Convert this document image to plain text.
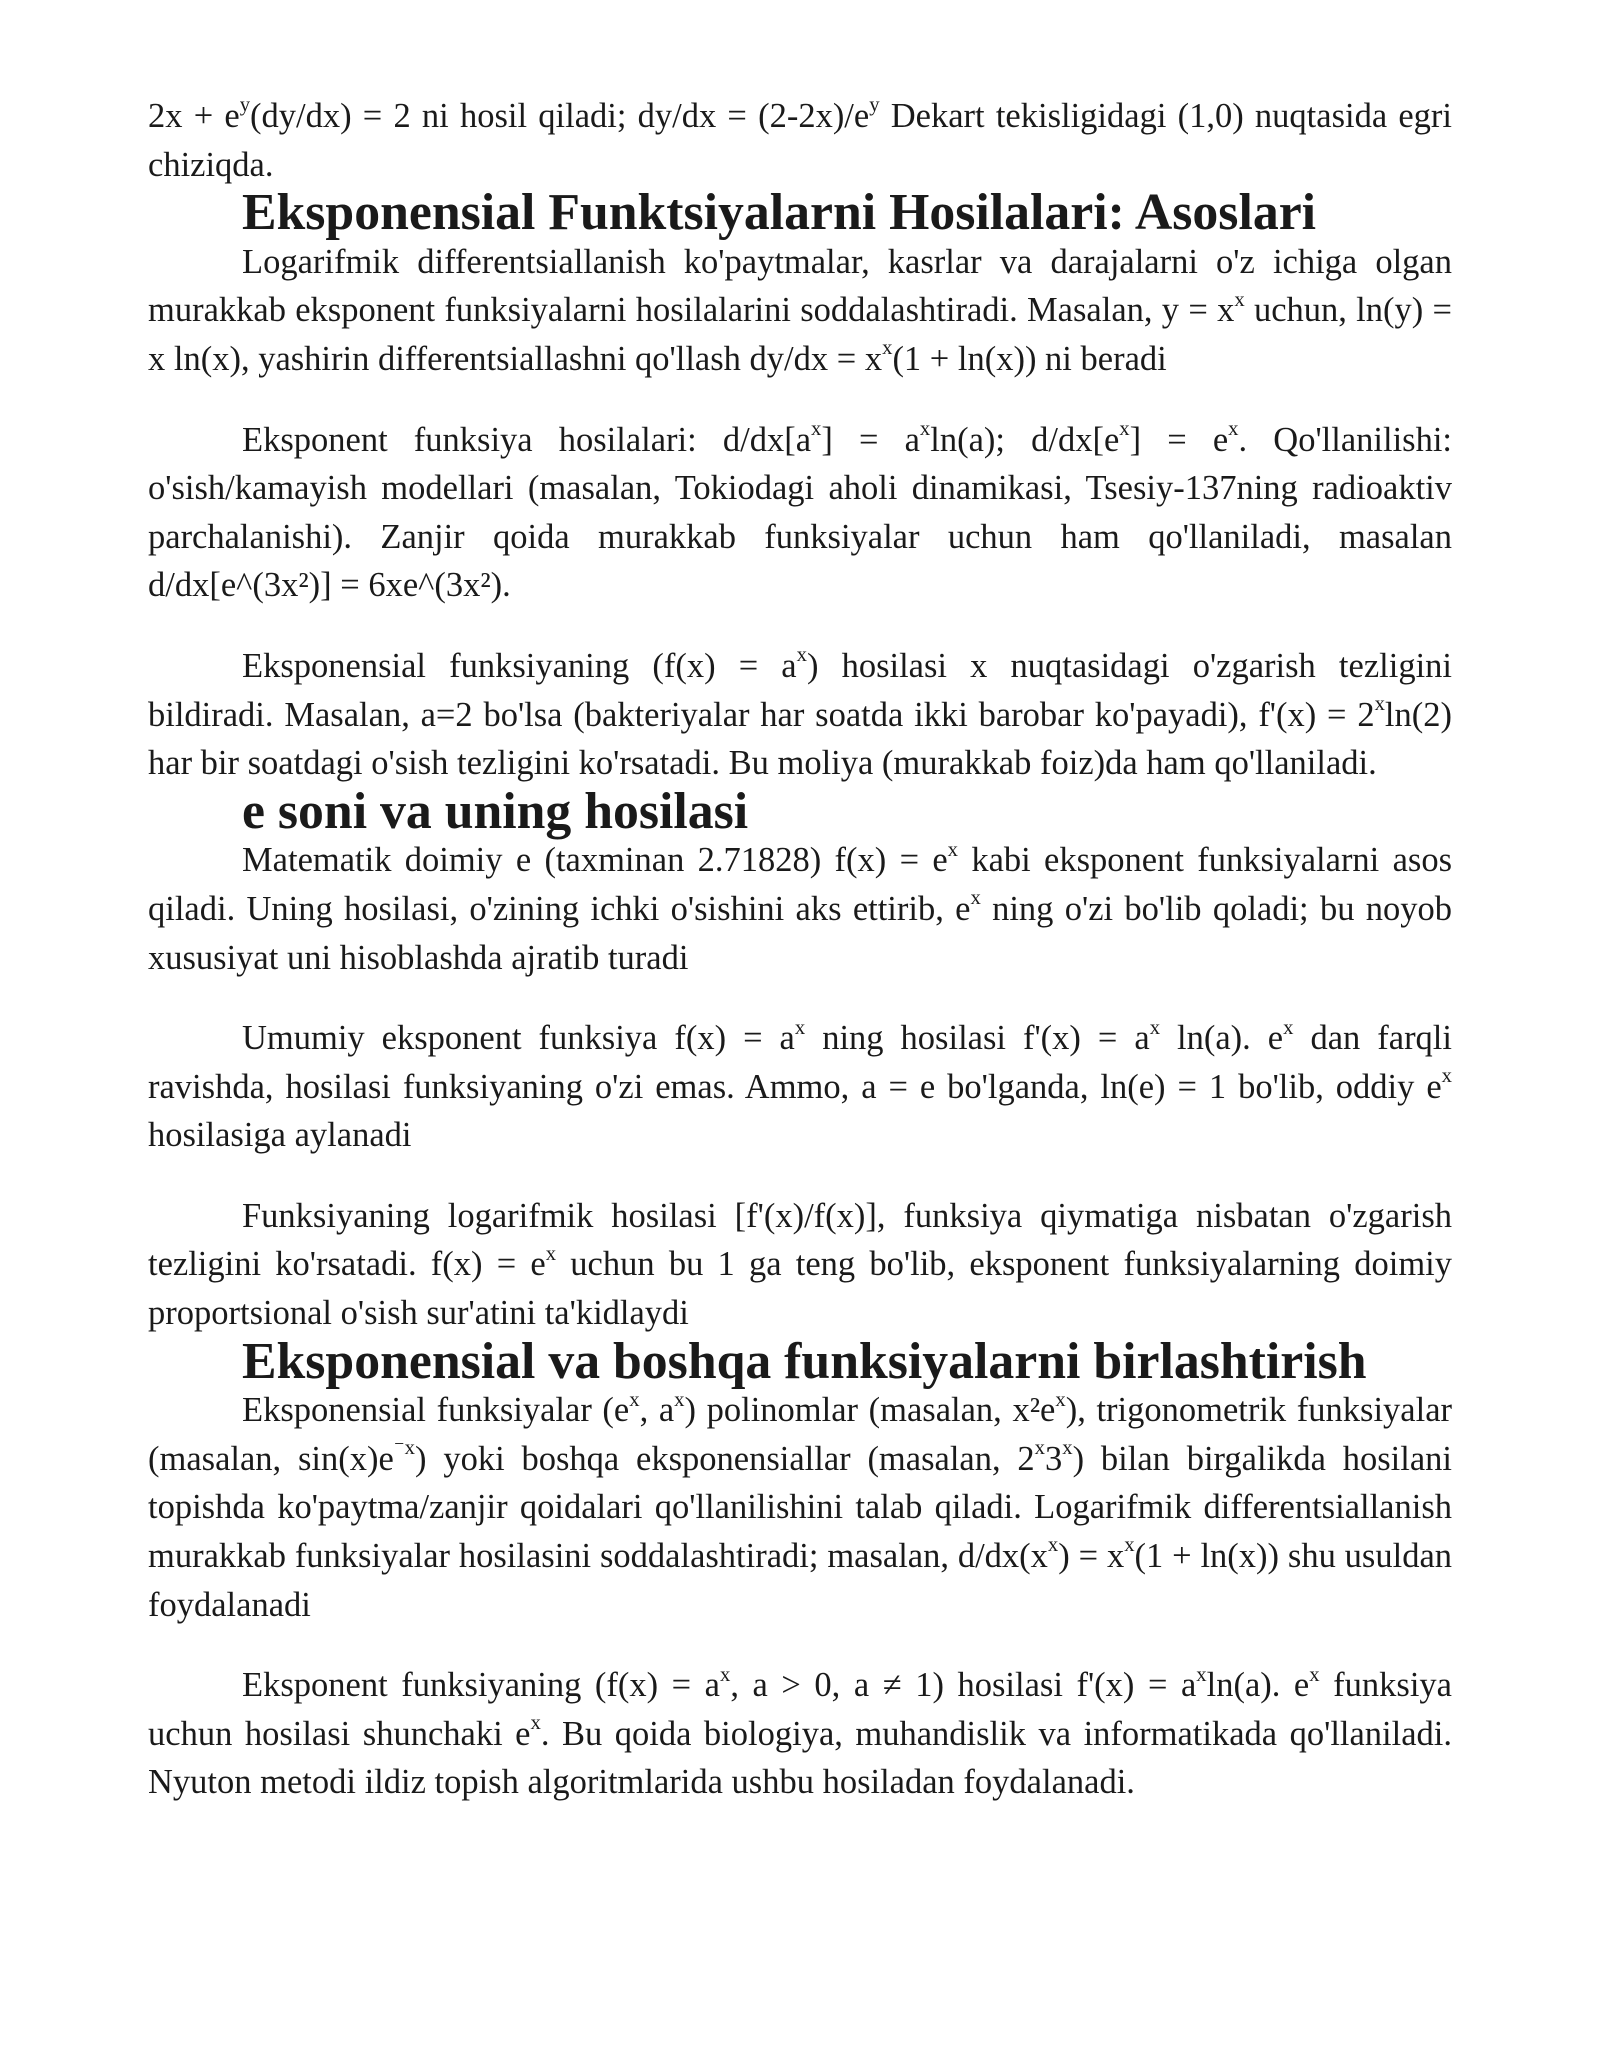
$2x + e^y(dy/dx) = 2$ ni hosil qiladi; $dy/dx = (2-2x)/e^y$ Dekart tekisligidagi (1,0) nuqtasida egri chiziqda.

Eksponensial Funktsiyalarni Hosilalari: Asoslari

Logarifmik differentsiallanish ko'paytmalar, kasrlar va darajalarni o'z ichiga olgan murakkab eksponent funksiyalarni hosilalarini soddalashtiradi. Masalan, $y = x^x$ uchun, ln(y) = x ln(x), yashirin differentsiallashni qo'llash $dy/dx = x^x(1 + \ln(x))$ ni beradi

Eksponent funksiya hosilalari: $d/dx[a^x] = a^x\ln(a)$; $d/dx[e^x] = e^x$. Qo'llanilishi: o'sish/kamayish modellari (masalan, Tokiodagi aholi dinamikasi, Tsesiy-137ning radioaktiv parchalanishi). Zanjir qoida murakkab funksiyalar uchun ham qo'llaniladi, masalan d/dx[e^(3x²)] = 6xe^(3x²).

Eksponensial funksiyaning $(f(x) = a^x)$ hosilasi x nuqtasidagi o'zgarish tezligini bildiradi. Masalan, a=2 bo'lsa (bakteriyalar har soatda ikki barobar ko'payadi), $f'(x) = 2^x\ln(2)$ har bir soatdagi o'sish tezligini ko'rsatadi. Bu moliya (murakkab foiz)da ham qo'llaniladi.

e soni va uning hosilasi

Matematik doimiy e (taxminan 2.71828) $f(x) = e^x$ kabi eksponent funksiyalarni asos qiladi. Uning hosilasi, o'zining ichki o'sishini aks ettirib, $e^x$ ning o'zi bo'lib qoladi; bu noyob xususiyat uni hisoblashda ajratib turadi

Umumiy eksponent funksiya $f(x) = a^x$ ning hosilasi $f'(x) = a^x$ ln(a). $e^x$ dan farqli ravishda, hosilasi funksiyaning o'zi emas. Ammo, a = e bo'lganda, ln(e) = 1 bo'lib, oddiy $e^x$ hosilasiga aylanadi

Funksiyaning logarifmik hosilasi [f'(x)/f(x)], funksiya qiymatiga nisbatan o'zgarish tezligini ko'rsatadi. $f(x) = e^x$ uchun bu 1 ga teng bo'lib, eksponent funksiyalarning doimiy proportsional o'sish sur'atini ta'kidlaydi

Eksponensial va boshqa funksiyalarni birlashtirish

Eksponensial funksiyalar ($e^x$, $a^x$) polinomlar (masalan, $x^2e^x$), trigonometrik funksiyalar (masalan, $\sin(x)e^{^-x}$) yoki boshqa eksponensiallar (masalan, 2$^x$3$^x$) bilan birgalikda hosilani topishda ko'paytma/zanjir qoidalari qo'llanilishini talab qiladi. Logarifmik differentsiallanish murakkab funksiyalar hosilasini soddalashtiradi; masalan, $d/dx(x^x) = x^x(1 + \ln(x))$ shu usuldan foydalanadi

Eksponent funksiyaning ($f(x) = a^x$, a > 0, a ≠ 1) hosilasi $f'(x) = a^x\ln(a)$. $e^x$ funksiya uchun hosilasi shunchaki $e^x$. Bu qoida biologiya, muhandislik va informatikada qo'llaniladi. Nyuton metodi ildiz topish algoritmlarida ushbu hosiladan foydalanadi.
